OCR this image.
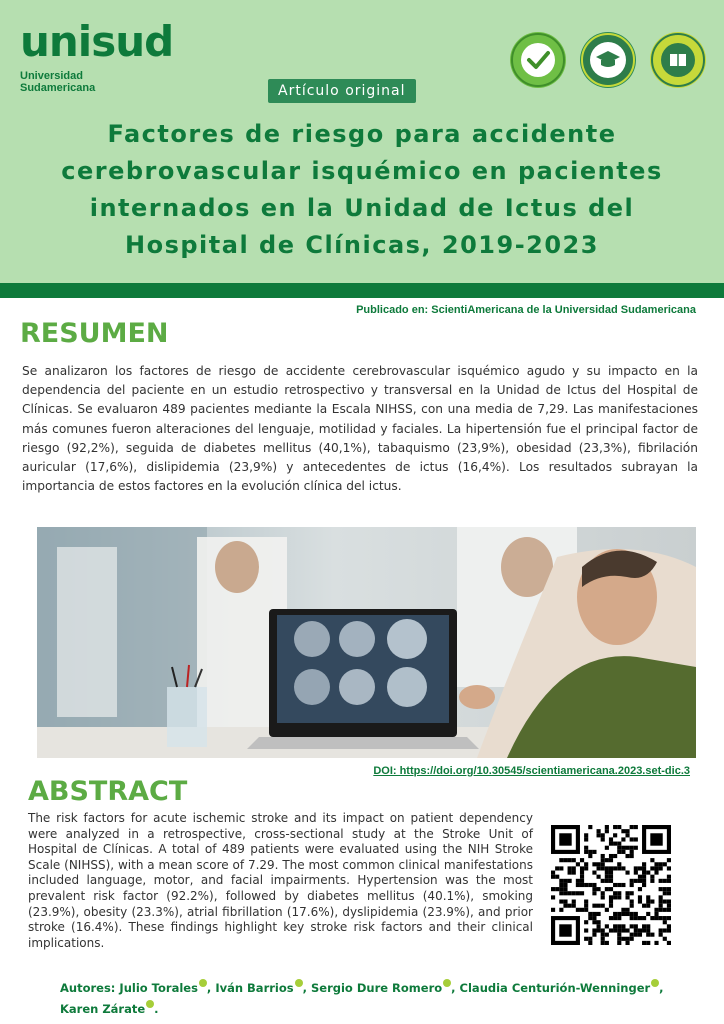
unisud
Universidad
Sudamericana	Artículo original
Factores de riesgo para accidente cerebrovascular isquémico en pacientes internados en la Unidad de Ictus del Hospital de Clínicas, 2019-2023
Publicado en: ScientiAmericana de la Universidad Sudamericana
RESUMEN
Se analizaron los factores de riesgo de accidente cerebrovascular isquémico agudo y su impacto en la dependencia del paciente en un estudio retrospectivo y transversal en la Unidad de Ictus del Hospital de Clínicas. Se evaluaron 489 pacientes mediante la Escala NIHSS, con una media de 7,29. Las manifestaciones más comunes fueron alteraciones del lenguaje, motilidad y faciales. La hipertensión fue el principal factor de riesgo (92,2%), seguida de diabetes mellitus (40,1%), tabaquismo (23,9%), obesidad (23,3%), fibrilación auricular (17,6%), dislipidemia (23,9%) y antecedentes de ictus (16,4%). Los resultados subrayan la importancia de estos factores en la evolución clínica del ictus.
DOI: https://doi.org/10.30545/scientiamericana.2023.set-dic.3
ABSTRACT
The risk factors for acute ischemic stroke and its impact on patient dependency were analyzed in a retrospective, cross-sectional study at the Stroke Unit of Hospital de Clínicas. A total of 489 patients were evaluated using the NIH Stroke Scale (NIHSS), with a mean score of 7.29. The most common clinical manifestations included language, motor, and facial impairments. Hypertension was the most prevalent risk factor (92.2%), followed by diabetes mellitus (40.1%), smoking (23.9%), obesity (23.3%), atrial fibrillation (17.6%), dyslipidemia (23.9%), and prior stroke (16.4%). These findings highlight key stroke risk factors and their clinical implications.
Autores: Julio Torales , Iván Barrios , Sergio Dure Romero , Claudia Centurión-Wenninger ,
Karen Zárate .
